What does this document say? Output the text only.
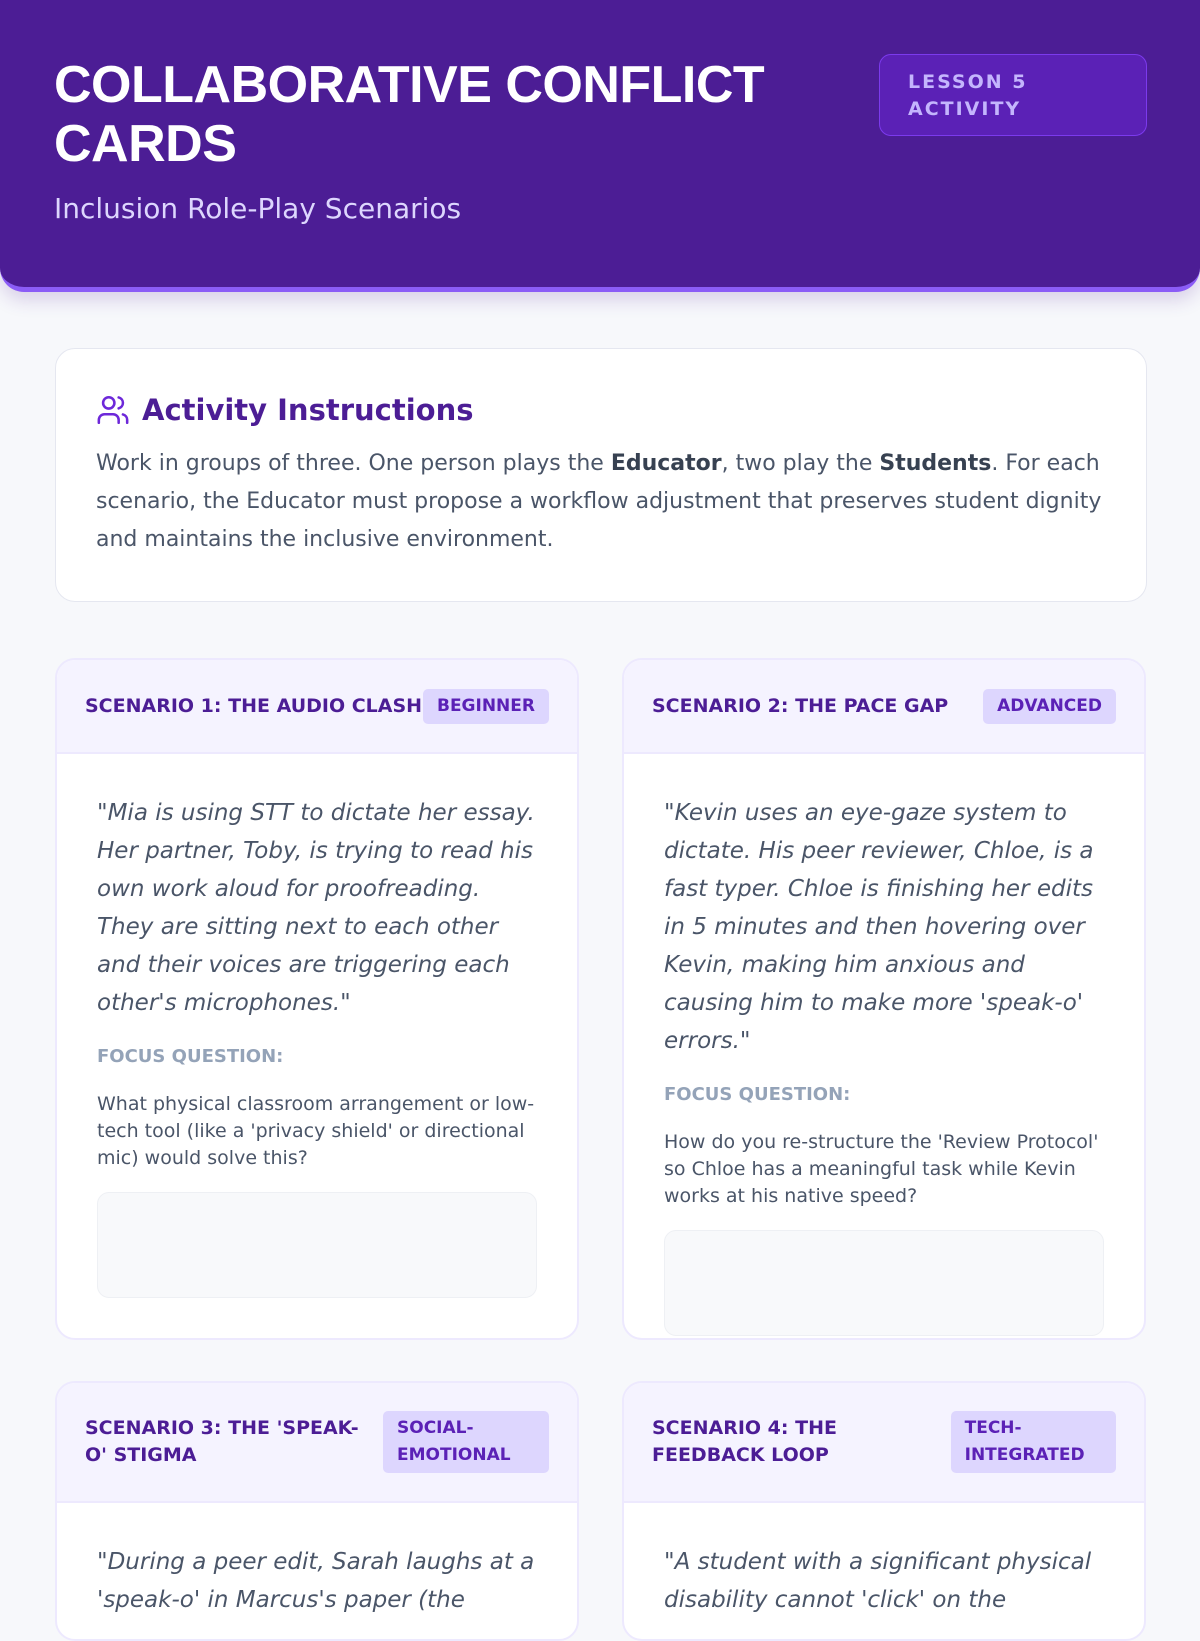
COLLABORATIVE CONFLICT CARDS
Inclusion Role-Play Scenarios
LESSON 5 ACTIVITY
Activity Instructions

Work in groups of three. One person plays the Educator, two play the Students. For each scenario, the Educator must propose a workflow adjustment that preserves student dignity and maintains the inclusive environment.

SCENARIO 1: THE AUDIO CLASH BEGINNER

"Mia is using STT to dictate her essay. Her partner, Toby, is trying to read his own work aloud for proofreading. They are sitting next to each other and their voices are triggering each other's microphones."

FOCUS QUESTION:

What physical classroom arrangement or low-tech tool (like a 'privacy shield' or directional mic) would solve this?

SCENARIO 2: THE PACE GAP	ADVANCED

"Kevin uses an eye-gaze system to dictate. His peer reviewer, Chloe, is a fast typer. Chloe is finishing her edits in 5 minutes and then hovering over Kevin, making him anxious and causing him to make more 'speak-o' errors."

FOCUS QUESTION:

How do you re-structure the 'Review Protocol' so Chloe has a meaningful task while Kevin works at his native speed?

SCENARIO 3: THE 'SPEAK-O' STIGMA
SOCIAL-EMOTIONAL

"During a peer edit, Sarah laughs at a 'speak-o' in Marcus's paper (the

SCENARIO 4: THE FEEDBACK LOOP
TECH-INTEGRATED

"A student with a significant physical disability cannot 'click' on the
